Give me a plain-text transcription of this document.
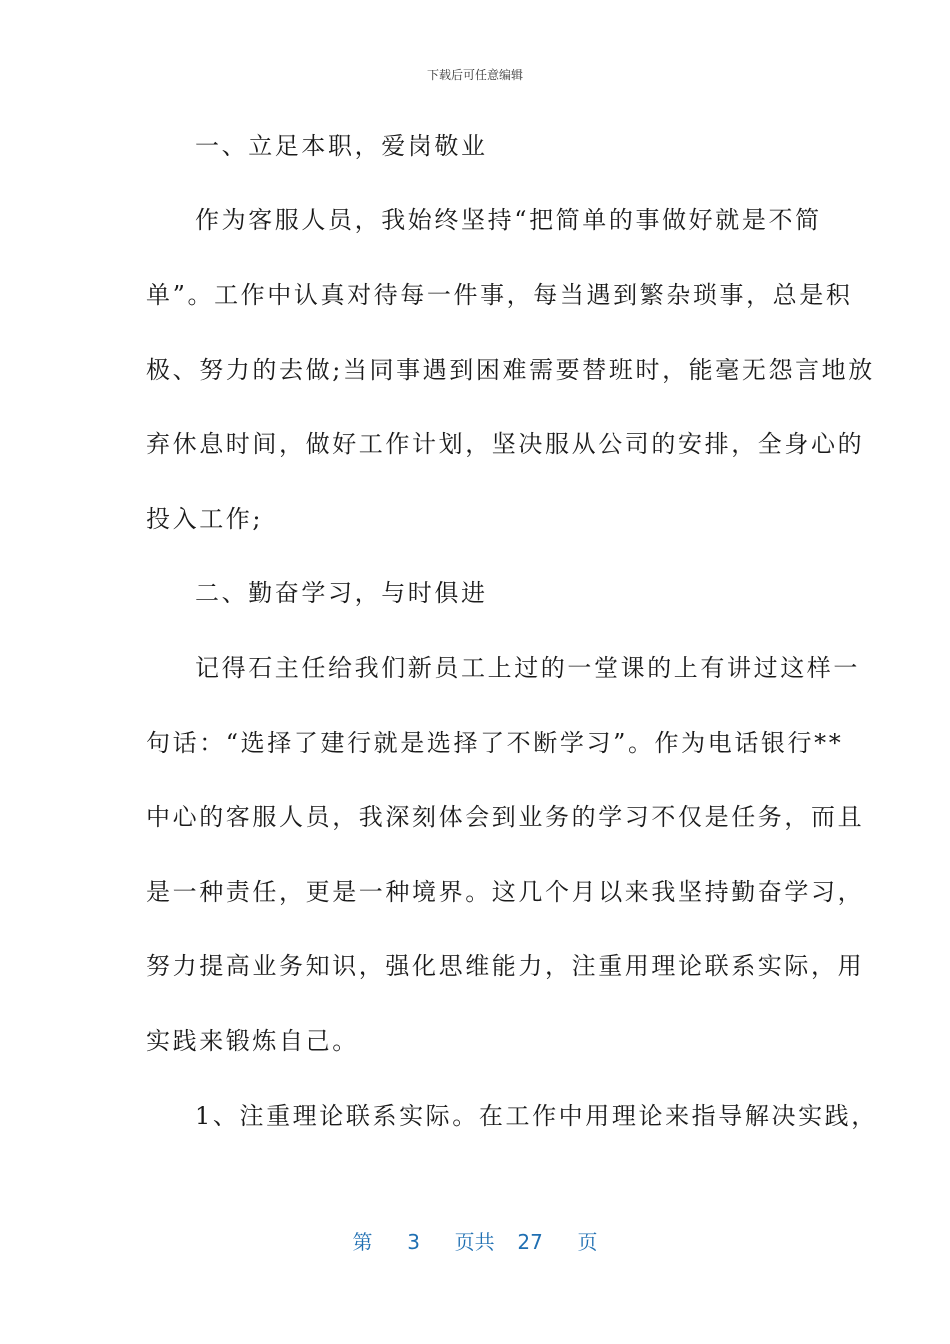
下载后可任意编辑
一、立足本职，爱岗敬业
作为客服人员，我始终坚持“把简单的事做好就是不简
单”。工作中认真对待每一件事，每当遇到繁杂琐事，总是积
极、努力的去做;当同事遇到困难需要替班时，能毫无怨言地放
弃休息时间，做好工作计划，坚决服从公司的安排，全身心的
投入工作;
二、勤奋学习，与时俱进
记得石主任给我们新员工上过的一堂课的上有讲过这样一
句话：“选择了建行就是选择了不断学习”。作为电话银行**
中心的客服人员，我深刻体会到业务的学习不仅是任务，而且
是一种责任，更是一种境界。这几个月以来我坚持勤奋学习，
努力提高业务知识，强化思维能力，注重用理论联系实际，用
实践来锻炼自己。
1、注重理论联系实际。在工作中用理论来指导解决实践，
第 3 页共 27 页
